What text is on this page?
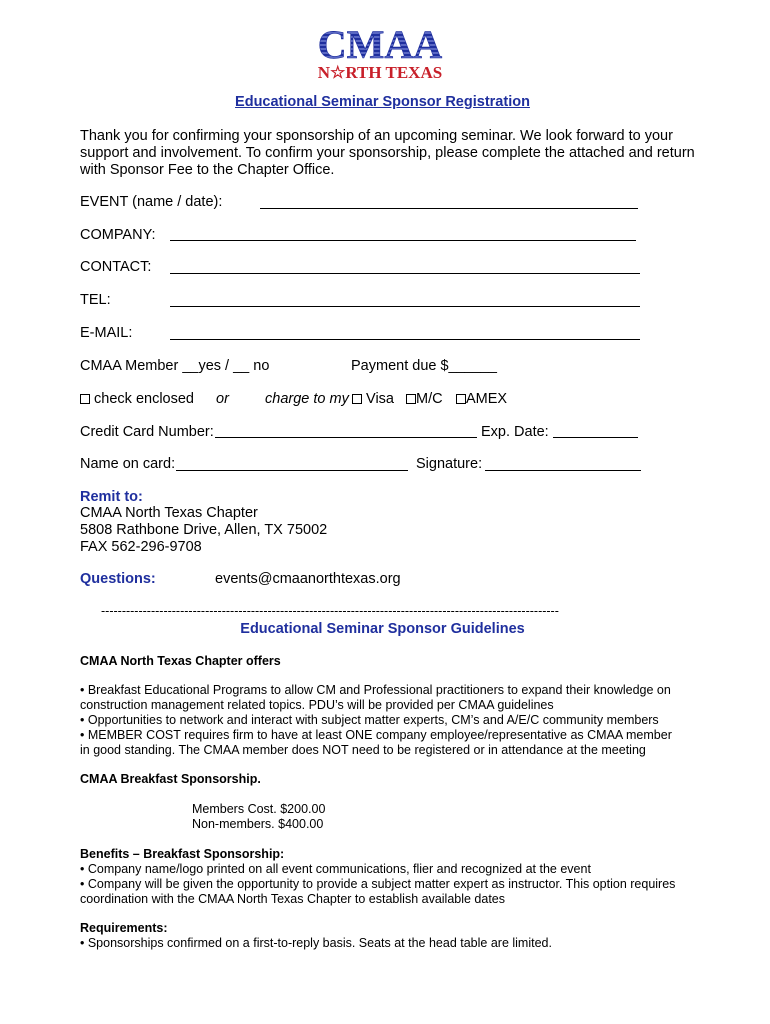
CMAA
N☆RTH TEXAS
Educational Seminar Sponsor Registration
Thank you for confirming your sponsorship of an upcoming seminar. We look forward to your
support and involvement. To confirm your sponsorship, please complete the attached and return
with Sponsor Fee to the Chapter Office.
EVENT (name / date):
COMPANY:
CONTACT:
TEL:
E-MAIL:
CMAA Member __yes / __ no	Payment due $______
check enclosed or charge to my	Visa	M/C	AMEX
Credit Card Number:	Exp. Date:
Name on card:	Signature:
Remit to:
CMAA North Texas Chapter
5808 Rathbone Drive, Allen, TX 75002
FAX 562-296-9708
Questions:	events@cmaanorthtexas.org
--------------------------------------------------------------------------------------------------------------
Educational Seminar Sponsor Guidelines
CMAA North Texas Chapter offers
• Breakfast Educational Programs to allow CM and Professional practitioners to expand their knowledge on
construction management related topics. PDU’s will be provided per CMAA guidelines
• Opportunities to network and interact with subject matter experts, CM’s and A/E/C community members
• MEMBER COST requires firm to have at least ONE company employee/representative as CMAA member
in good standing. The CMAA member does NOT need to be registered or in attendance at the meeting
CMAA Breakfast Sponsorship.
Members Cost. $200.00
Non-members. $400.00
Benefits – Breakfast Sponsorship:
• Company name/logo printed on all event communications, flier and recognized at the event
• Company will be given the opportunity to provide a subject matter expert as instructor. This option requires
coordination with the CMAA North Texas Chapter to establish available dates
Requirements:
• Sponsorships confirmed on a first-to-reply basis. Seats at the head table are limited.
